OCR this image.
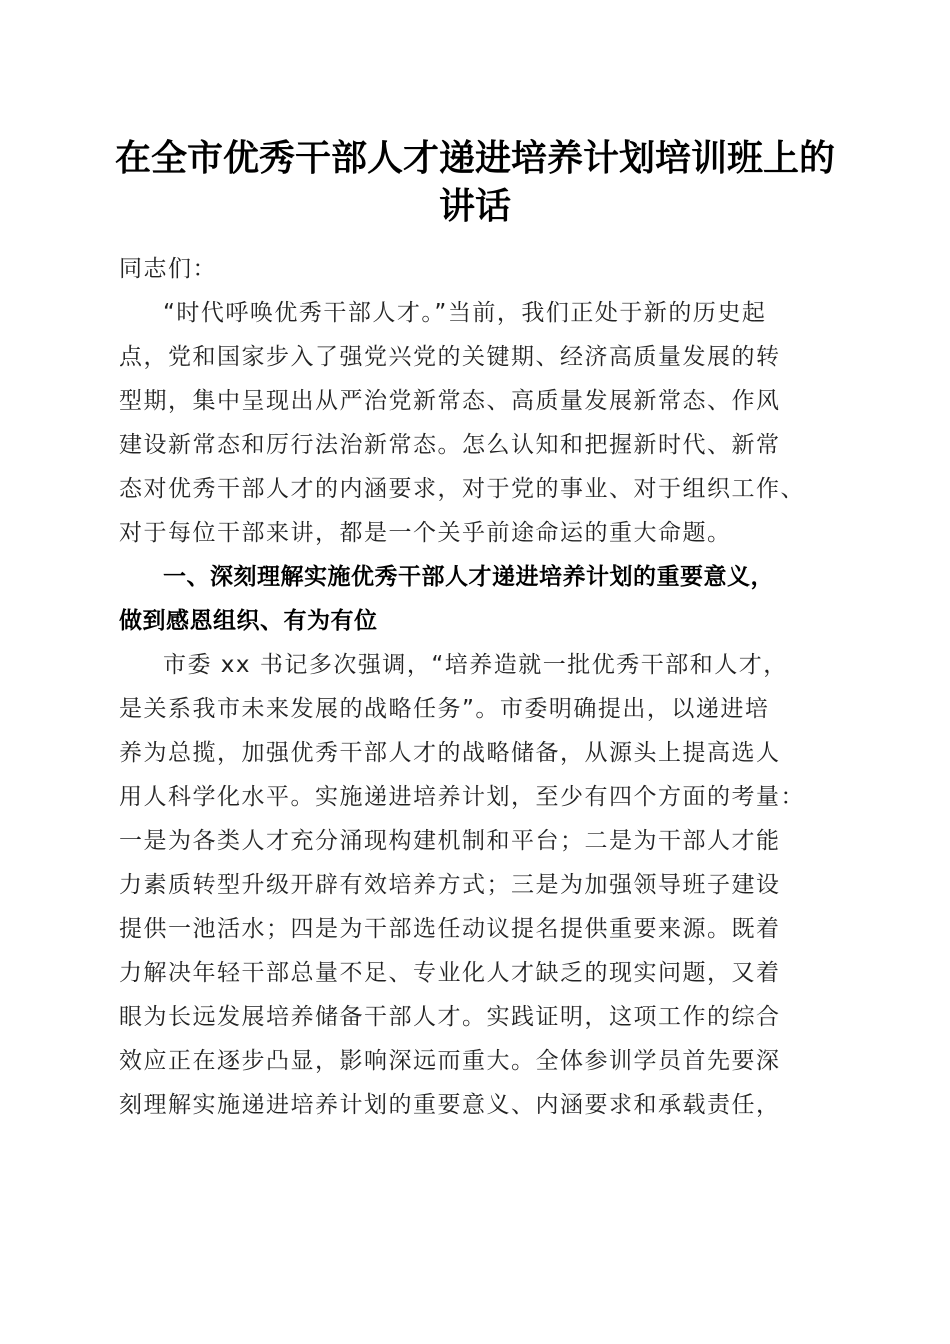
在全市优秀干部人才递进培养计划培训班上的
讲话
同志们：
“时代呼唤优秀干部人才。”当前，我们正处于新的历史起
点，党和国家步入了强党兴党的关键期、经济高质量发展的转
型期，集中呈现出从严治党新常态、高质量发展新常态、作风
建设新常态和厉行法治新常态。怎么认知和把握新时代、新常
态对优秀干部人才的内涵要求，对于党的事业、对于组织工作、
对于每位干部来讲，都是一个关乎前途命运的重大命题。
一、深刻理解实施优秀干部人才递进培养计划的重要意义，
做到感恩组织、有为有位
市委 xx 书记多次强调，“培养造就一批优秀干部和人才，
是关系我市未来发展的战略任务”。市委明确提出，以递进培
养为总揽，加强优秀干部人才的战略储备，从源头上提高选人
用人科学化水平。实施递进培养计划，至少有四个方面的考量：
一是为各类人才充分涌现构建机制和平台；二是为干部人才能
力素质转型升级开辟有效培养方式；三是为加强领导班子建设
提供一池活水；四是为干部选任动议提名提供重要来源。既着
力解决年轻干部总量不足、专业化人才缺乏的现实问题，又着
眼为长远发展培养储备干部人才。实践证明，这项工作的综合
效应正在逐步凸显，影响深远而重大。全体参训学员首先要深
刻理解实施递进培养计划的重要意义、内涵要求和承载责任，
